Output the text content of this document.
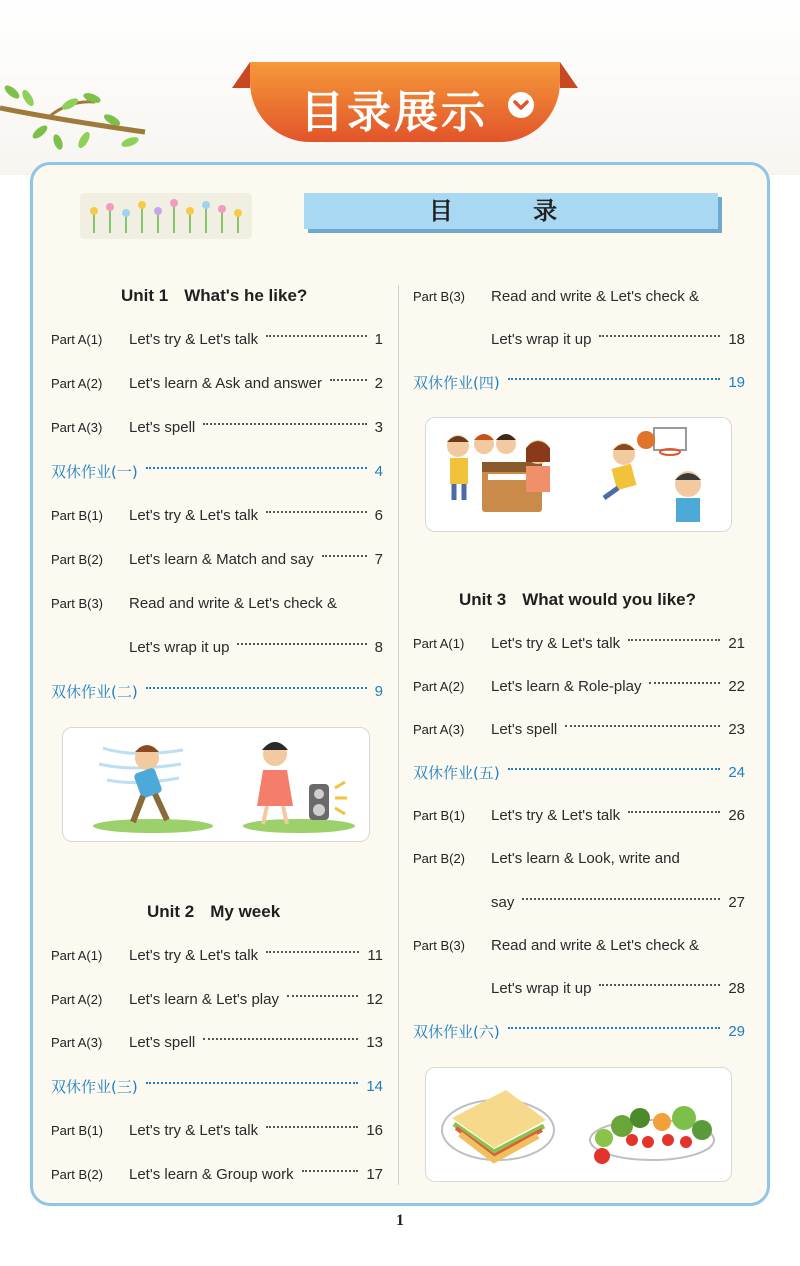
目录展示
目 录
Unit 1 What's he like?
Part A(1)	Let's try & Let's talk	1
Part A(2)	Let's learn & Ask and answer	2
Part A(3)	Let's spell	3
双休作业(一)	4
Part B(1)	Let's try & Let's talk	6
Part B(2)	Let's learn & Match and say	7
Part B(3)	Read and write & Let's check &
Let's wrap it up	8
双休作业(二)	9
Unit 2 My week
Part A(1)	Let's try & Let's talk	11
Part A(2)	Let's learn & Let's play	12
Part A(3)	Let's spell	13
双休作业(三)	14
Part B(1)	Let's try & Let's talk	16
Part B(2)	Let's learn & Group work	17
Part B(3)	Read and write & Let's check &
Let's wrap it up	18
双休作业(四)	19
Unit 3 What would you like?
Part A(1)	Let's try & Let's talk	21
Part A(2)	Let's learn & Role-play	22
Part A(3)	Let's spell	23
双休作业(五)	24
Part B(1)	Let's try & Let's talk	26
Part B(2)	Let's learn & Look, write and
say	27
Part B(3)	Read and write & Let's check &
Let's wrap it up	28
双休作业(六)	29
1
